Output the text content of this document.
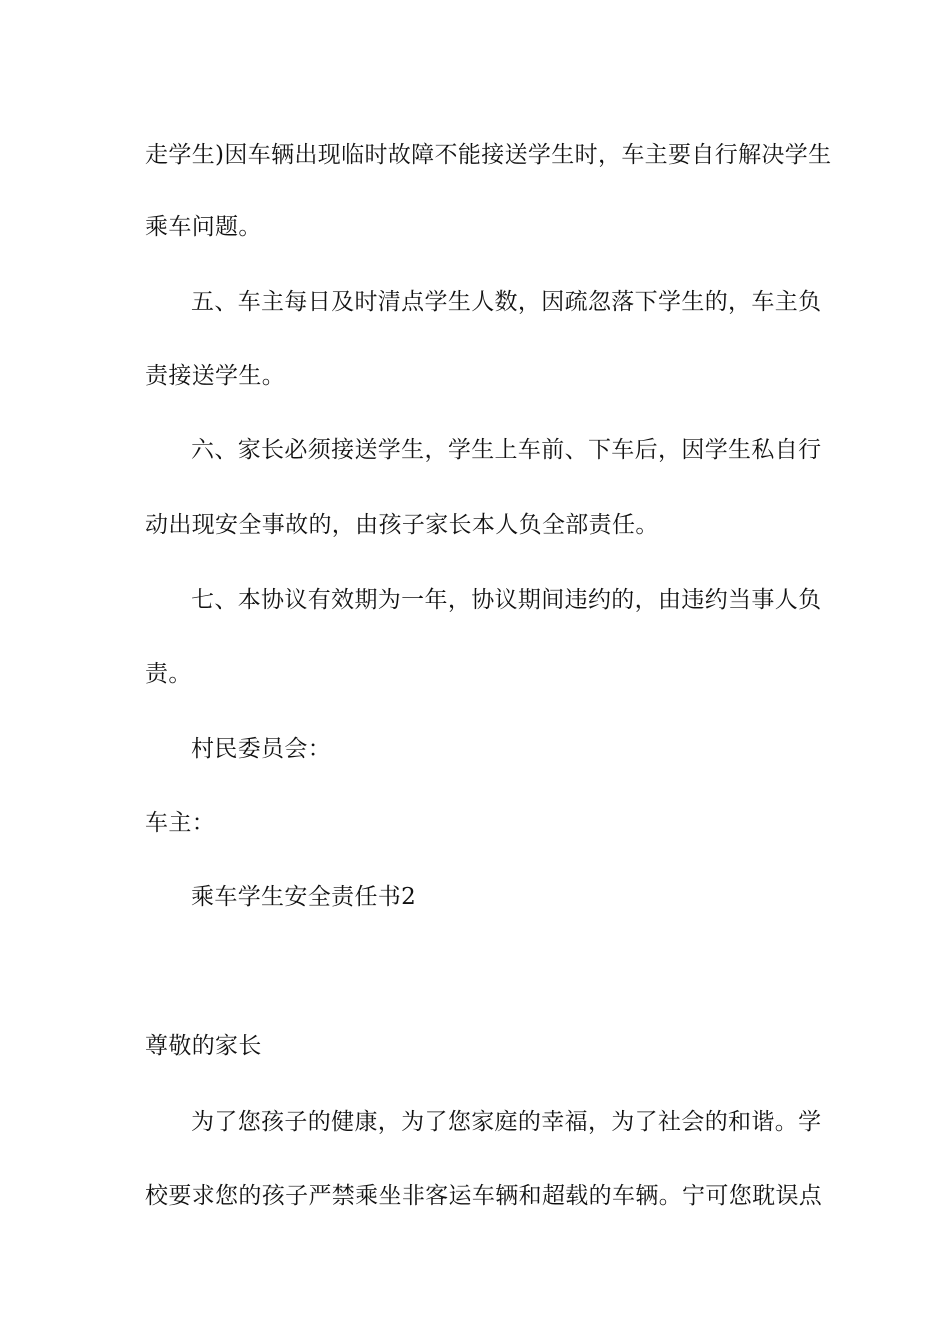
走学生)因车辆出现临时故障不能接送学生时，车主要自行解决学生
乘车问题。
五、车主每日及时清点学生人数，因疏忽落下学生的，车主负
责接送学生。
六、家长必须接送学生，学生上车前、下车后，因学生私自行
动出现安全事故的，由孩子家长本人负全部责任。
七、本协议有效期为一年，协议期间违约的，由违约当事人负
责。
村民委员会：
车主：
乘车学生安全责任书2
尊敬的家长
为了您孩子的健康，为了您家庭的幸福，为了社会的和谐。学
校要求您的孩子严禁乘坐非客运车辆和超载的车辆。宁可您耽误点
